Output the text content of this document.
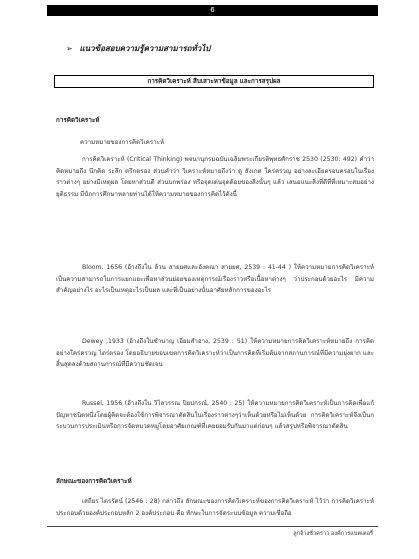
6
➢ แนวข้อสอบความรู้ความสามารถทั่วไป
การคิดวิเคราะห์ สืบเสาะหาข้อมูล และการสรุปผล
การคิดวิเคราะห์
ความหมายของการคิดวิเคราะห์

การคิดวิเคราะห์ (Critical Thinking) พจนานุกรมฉบับเฉลิมพระเกียรติพุทธศักราช 2530 (2530: 492) คำว่า คิดหมายถึง นึกคิด ระลึก ตรึกตรอง ส่วนคำว่า วิเคราะห์หมายถึงว่า ดู สังเกต ใคร่ครวญ อย่างละเอียดรอบครอบในเรื่องราวต่างๆ อย่างมีเหตุผล โดยหาส่วนดี ส่วนบกพร่อง หรือจุดเด่นจุดด้อยของสิ่งนั้นๆ แล้ว เสนอแนะสิ่งที่ดีที่ที่เหมาะสมอย่างยุติธรรม มีนักการศึกษาหลายท่านได้ให้ความหมายของการคิดไว้ดังนี้

Bloom, 1656 (อ้างถึงใน ล้วน สายยศและอังคณา สายยศ, 2539 : 41-44 ) ให้ความหมายการคิดวิเคราะห์ เป็นความสามารถในการแยกแยะเพื่อหาส่วนย่อยของเหตุการณ์เรื่องราวหรือเนื้อหาต่างๆ ว่าประกอบด้วยอะไร มีความสำคัญอย่างไร อะไรเป็นเหตุอะไรเป็นผล และที่เป็นอย่างนั้นอาศัยหลักการของอะไร

Dewey ,1933 (อ้างถึงในชำนาญ เอี่ยมสำอาง, 2539 : 51) ให้ความหมายการคิดวิเคราะห์หมายถึง การคิดอย่างใคร่ครวญ ไตร่ตรอง โดยอธิบายขอบเขตการคิดวิเคราะห์ว่าเป็นการคิดที่เริ่มต้นจากสถานการณ์ที่มีความยุ่งยาก และสิ้นสุดลงด้วยสถานการณ์ที่มีความชัดเจน

Russel, 1956 (อ้างถึงใน วิไลวรรณ ปิยปกรณ์, 2540 : 25) ให้ความหมายการคิดวิเคราะห์เป็นการคิดเพื่อแก้ปัญหาชนิดหนึ่งโดยผู้คิดจะต้องใช้การพิจารณาตัดสินในเรื่องราวต่างๆว่าเห็นด้วยหรือไม่เห็นด้วย การคิดวิเคราะห์จึงเป็นกระบวนการประเมินหรือการจัดหมวดหมู่โดยอาศัยเกณฑ์ที่เคยยอมรับกันมาแต่ก่อนๆ แล้วสรุปหรือพิจารณาตัดสิน

ลักษณะของการคิดวิเคราะห์

เสถียร ไตรรัตน์ (2546 : 28) กล่าวถึง ลักษณะของการคิดวิเคราะห์ของการคิดวิเคราะห์ ไว้ว่า การคิดวิเคราะห์ประกอบด้วยองค์ประกอบหลัก 2 องค์ประกอบ คือ ทักษะในการจัดระบบข้อมูล ความเชื่อถือ

ลูกจ้างชั่วคราว องค์การแบตเตอรี่
